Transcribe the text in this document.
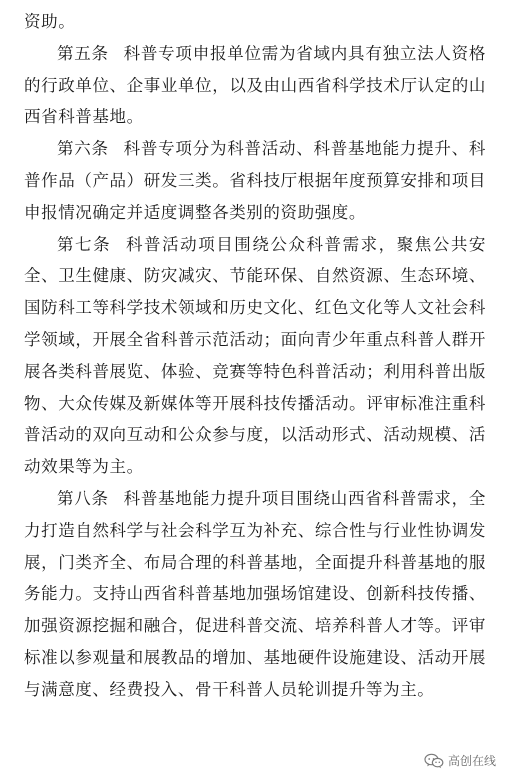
资助。

第五条 科普专项申报单位需为省域内具有独立法人资格的行政单位、企事业单位，以及由山西省科学技术厅认定的山西省科普基地。

第六条 科普专项分为科普活动、科普基地能力提升、科普作品（产品）研发三类。省科技厅根据年度预算安排和项目申报情况确定并适度调整各类别的资助强度。

第七条 科普活动项目围绕公众科普需求，聚焦公共安全、卫生健康、防灾减灾、节能环保、自然资源、生态环境、国防科工等科学技术领域和历史文化、红色文化等人文社会科学领域，开展全省科普示范活动；面向青少年重点科普人群开展各类科普展览、体验、竞赛等特色科普活动；利用科普出版物、大众传媒及新媒体等开展科技传播活动。评审标准注重科普活动的双向互动和公众参与度，以活动形式、活动规模、活动效果等为主。

第八条 科普基地能力提升项目围绕山西省科普需求，全力打造自然科学与社会科学互为补充、综合性与行业性协调发展，门类齐全、布局合理的科普基地，全面提升科普基地的服务能力。支持山西省科普基地加强场馆建设、创新科技传播、加强资源挖掘和融合，促进科普交流、培养科普人才等。评审标准以参观量和展教品的增加、基地硬件设施建设、活动开展与满意度、经费投入、骨干科普人员轮训提升等为主。

高创在线
